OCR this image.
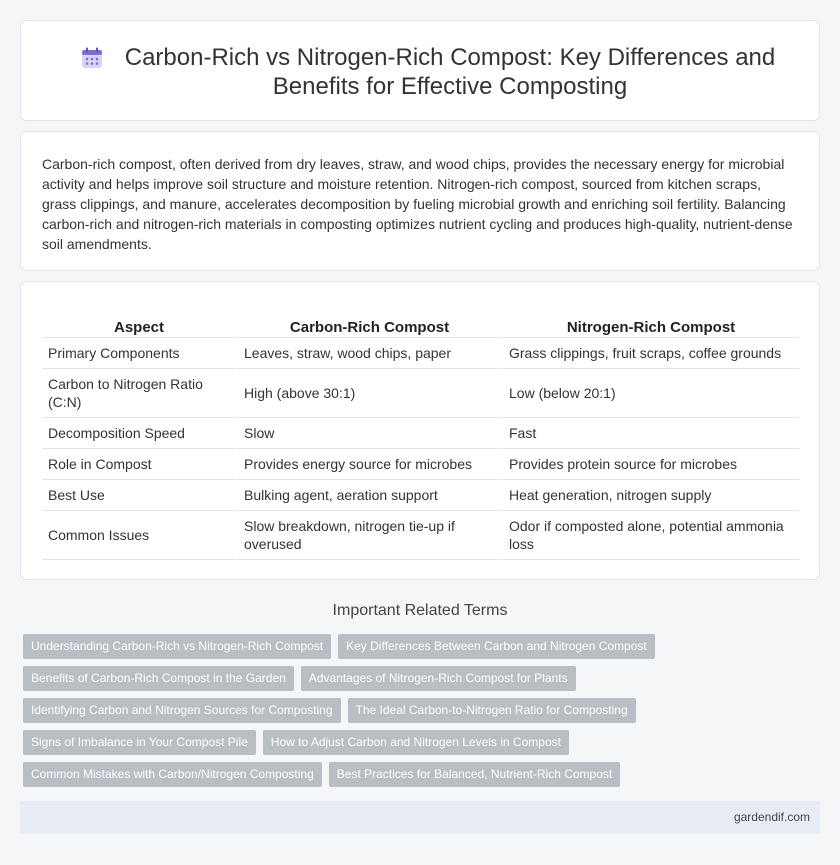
Carbon-Rich vs Nitrogen-Rich Compost: Key Differences and Benefits for Effective Composting

Carbon-rich compost, often derived from dry leaves, straw, and wood chips, provides the necessary energy for microbial activity and helps improve soil structure and moisture retention. Nitrogen-rich compost, sourced from kitchen scraps, grass clippings, and manure, accelerates decomposition by fueling microbial growth and enriching soil fertility. Balancing carbon-rich and nitrogen-rich materials in composting optimizes nutrient cycling and produces high-quality, nutrient-dense soil amendments.

Aspect	Carbon-Rich Compost	Nitrogen-Rich Compost
Primary Components	Leaves, straw, wood chips, paper	Grass clippings, fruit scraps, coffee grounds
Carbon to Nitrogen Ratio (C:N)	High (above 30:1)	Low (below 20:1)
Decomposition Speed	Slow	Fast
Role in Compost	Provides energy source for microbes	Provides protein source for microbes
Best Use	Bulking agent, aeration support	Heat generation, nitrogen supply
Common Issues	Slow breakdown, nitrogen tie-up if overused	Odor if composted alone, potential ammonia loss
Important Related Terms
Understanding Carbon-Rich vs Nitrogen-Rich Compost	Key Differences Between Carbon and Nitrogen Compost
Benefits of Carbon-Rich Compost in the Garden	Advantages of Nitrogen-Rich Compost for Plants
Identifying Carbon and Nitrogen Sources for Composting	The Ideal Carbon-to-Nitrogen Ratio for Composting
Signs of Imbalance in Your Compost Pile	How to Adjust Carbon and Nitrogen Levels in Compost
Common Mistakes with Carbon/Nitrogen Composting	Best Practices for Balanced, Nutrient-Rich Compost
gardendif.com
